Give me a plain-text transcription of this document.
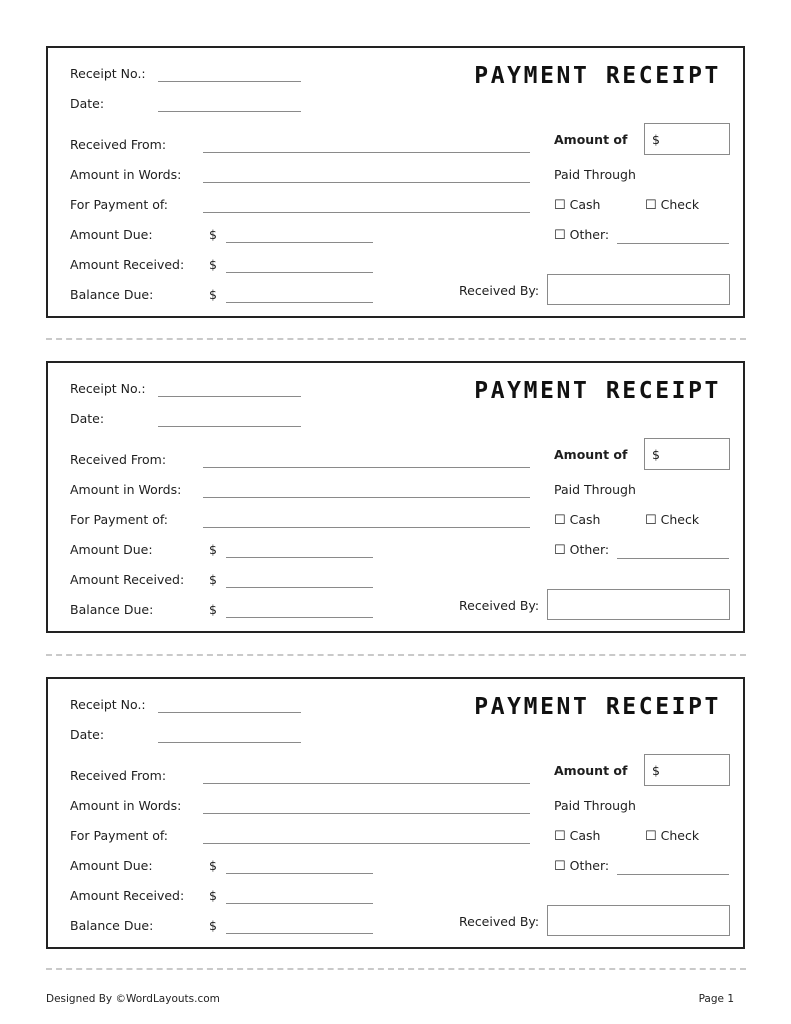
Receipt No.:
Date:
PAYMENT RECEIPT
Received From:
Amount in Words:
For Payment of:
Amount Due:	$
Amount Received: $
Balance Due:	$
Amount of $
Paid Through
☐ Cash	☐ Check
☐ Other:
Received By:
Receipt No.:
Date:
PAYMENT RECEIPT
Received From:
Amount in Words:
For Payment of:
Amount Due:	$
Amount Received: $
Balance Due:	$
Amount of $
Paid Through
☐ Cash	☐ Check
☐ Other:
Received By:
Receipt No.:
Date:
PAYMENT RECEIPT
Received From:
Amount in Words:
For Payment of:
Amount Due:	$
Amount Received: $
Balance Due:	$
Amount of $
Paid Through
☐ Cash	☐ Check
☐ Other:
Received By:
Designed By ©WordLayouts.com	Page 1
